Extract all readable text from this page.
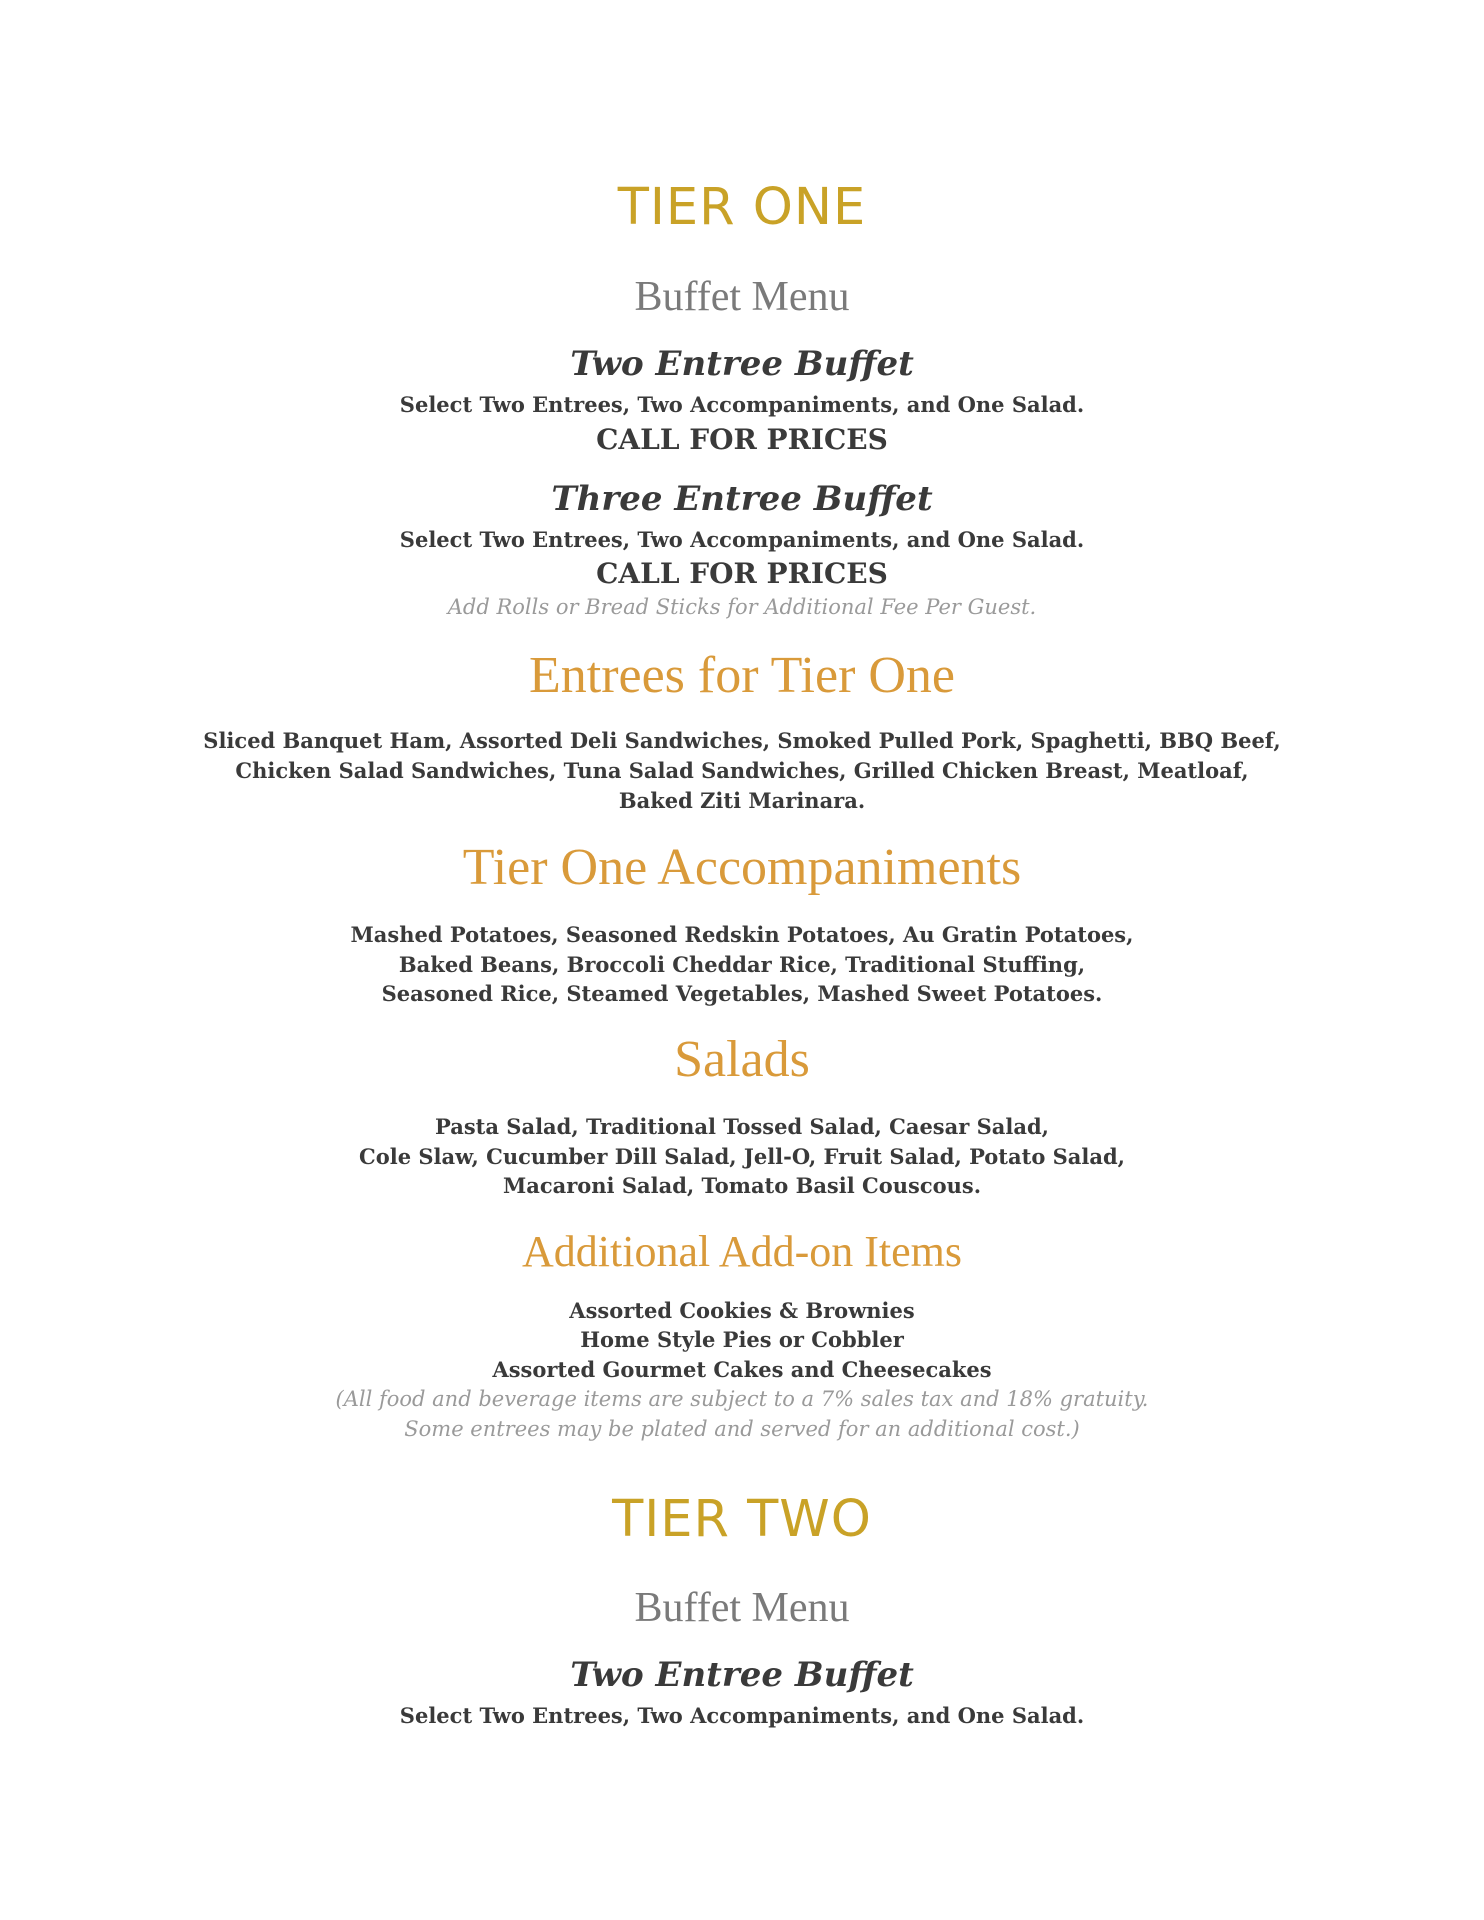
TIER ONE
Buffet Menu
Two Entree Buffet
Select Two Entrees, Two Accompaniments, and One Salad.
CALL FOR PRICES
Three Entree Buffet
Select Two Entrees, Two Accompaniments, and One Salad.
CALL FOR PRICES
Add Rolls or Bread Sticks for Additional Fee Per Guest.
Entrees for Tier One
Sliced Banquet Ham, Assorted Deli Sandwiches, Smoked Pulled Pork, Spaghetti, BBQ Beef,
Chicken Salad Sandwiches, Tuna Salad Sandwiches, Grilled Chicken Breast, Meatloaf,
Baked Ziti Marinara.
Tier One Accompaniments
Mashed Potatoes, Seasoned Redskin Potatoes, Au Gratin Potatoes,
Baked Beans, Broccoli Cheddar Rice, Traditional Stuffing,
Seasoned Rice, Steamed Vegetables, Mashed Sweet Potatoes.
Salads
Pasta Salad, Traditional Tossed Salad, Caesar Salad,
Cole Slaw, Cucumber Dill Salad, Jell-O, Fruit Salad, Potato Salad,
Macaroni Salad, Tomato Basil Couscous.
Additional Add-on Items
Assorted Cookies & Brownies
Home Style Pies or Cobbler
Assorted Gourmet Cakes and Cheesecakes
(All food and beverage items are subject to a 7% sales tax and 18% gratuity.
Some entrees may be plated and served for an additional cost.)
TIER TWO
Buffet Menu
Two Entree Buffet
Select Two Entrees, Two Accompaniments, and One Salad.
